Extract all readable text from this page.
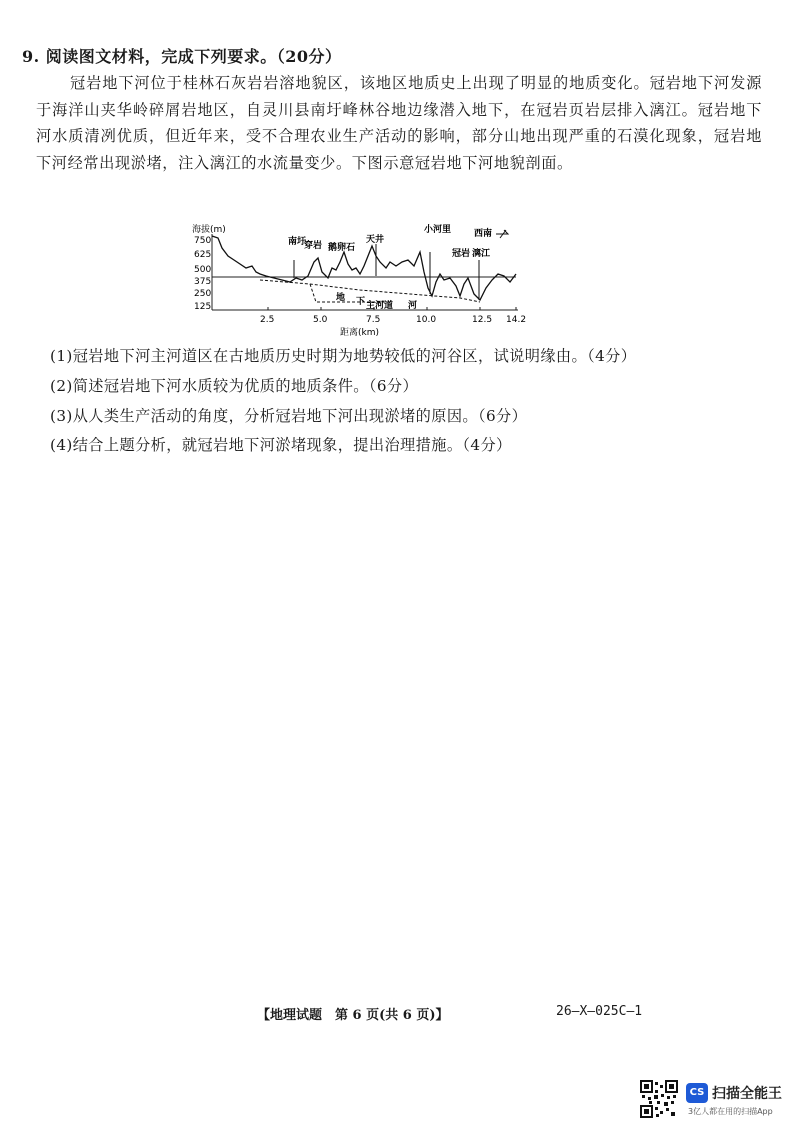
9. 阅读图文材料，完成下列要求。（20分）
冠岩地下河位于桂林石灰岩岩溶地貌区，该地区地质史上出现了明显的地质变化。冠岩地下河发源于海洋山夹华岭碎屑岩地区，自灵川县南圩峰林谷地边缘潜入地下，在冠岩页岩层排入漓江。冠岩地下河水质清冽优质，但近年来，受不合理农业生产活动的影响，部分山地出现严重的石漠化现象，冠岩地下河经常出现淤堵，注入漓江的水流量变少。下图示意冠岩地下河地貌剖面。
海拔(m)
750
625
500
375
250
125
2.5	5.0	7.5	10.0	12.5 14.2
距离(km)
南圩
穿岩 鹅卵石
天井
小河里
冠岩 漓江
西南
地 下 主河道 河
(1)冠岩地下河主河道区在古地质历史时期为地势较低的河谷区，试说明缘由。（4分）
(2)简述冠岩地下河水质较为优质的地质条件。（6分）
(3)从人类生产活动的角度，分析冠岩地下河出现淤堵的原因。（6分）
(4)结合上题分析，就冠岩地下河淤堵现象，提出治理措施。（4分）
【地理试题　第 6 页(共 6 页)】	26—X—025C—1
CS 扫描全能王
3亿人都在用的扫描App
